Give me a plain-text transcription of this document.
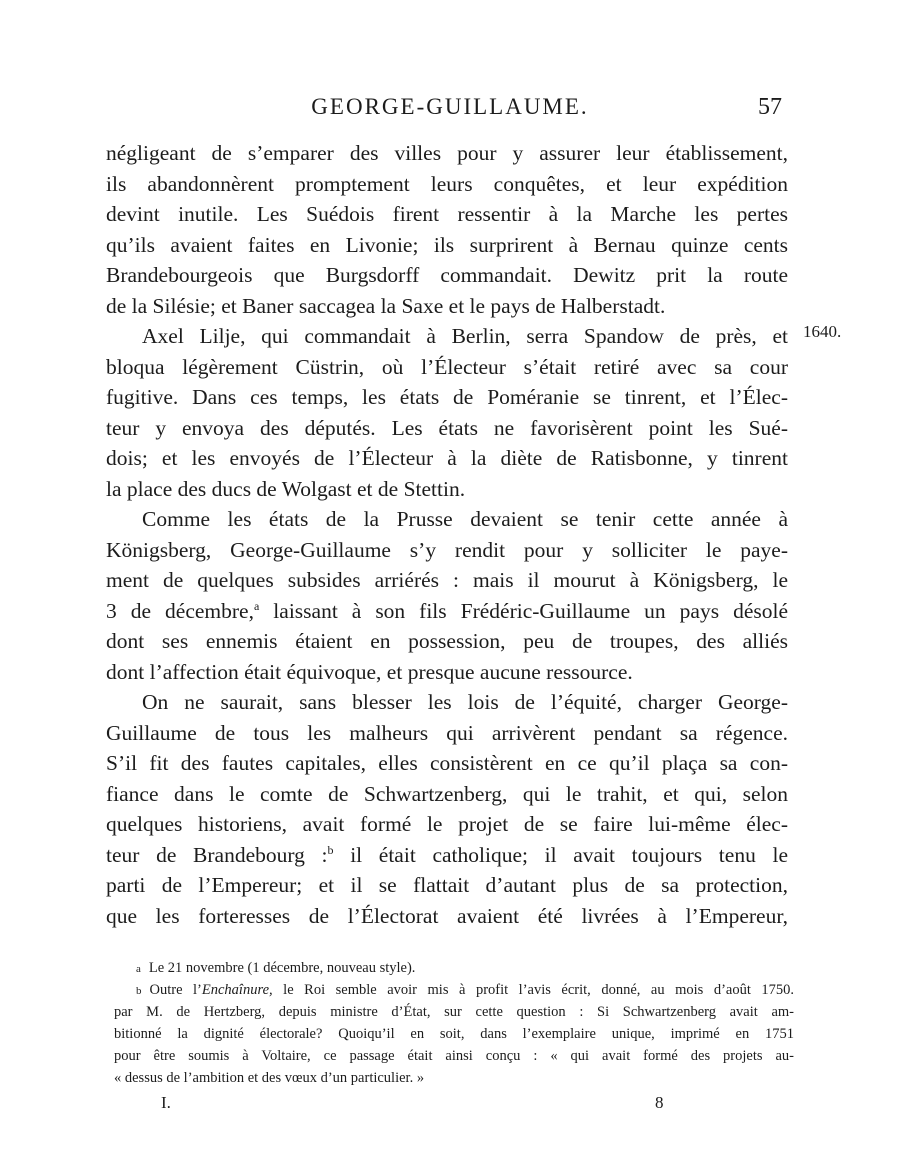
GEORGE-GUILLAUME.	57
négligeant de s’emparer des villes pour y assurer leur établissement,
ils abandonnèrent promptement leurs conquêtes, et leur expédition
devint inutile. Les Suédois firent ressentir à la Marche les pertes
qu’ils avaient faites en Livonie; ils surprirent à Bernau quinze cents
Brandebourgeois que Burgsdorff commandait. Dewitz prit la route
de la Silésie; et Baner saccagea la Saxe et le pays de Halberstadt.
Axel Lilje, qui commandait à Berlin, serra Spandow de près, et
bloqua légèrement Cüstrin, où l’Électeur s’était retiré avec sa cour
fugitive. Dans ces temps, les états de Poméranie se tinrent, et l’Élec-
teur y envoya des députés. Les états ne favorisèrent point les Sué-
dois; et les envoyés de l’Électeur à la diète de Ratisbonne, y tinrent
la place des ducs de Wolgast et de Stettin.
Comme les états de la Prusse devaient se tenir cette année à
Königsberg, George-Guillaume s’y rendit pour y solliciter le paye-
ment de quelques subsides arriérés : mais il mourut à Königsberg, le
3 de décembre,$^a$ laissant à son fils Frédéric-Guillaume un pays désolé
dont ses ennemis étaient en possession, peu de troupes, des alliés
dont l’affection était équivoque, et presque aucune ressource.
On ne saurait, sans blesser les lois de l’équité, charger George-
Guillaume de tous les malheurs qui arrivèrent pendant sa régence.
S’il fit des fautes capitales, elles consistèrent en ce qu’il plaça sa con-
fiance dans le comte de Schwartzenberg, qui le trahit, et qui, selon
quelques historiens, avait formé le projet de se faire lui-même élec-
teur de Brandebourg :$^b$ il était catholique; il avait toujours tenu le
parti de l’Empereur; et il se flattait d’autant plus de sa protection,
que les forteresses de l’Électorat avaient été livrées à l’Empereur,
1640.
a Le 21 novembre (1 décembre, nouveau style).
b Outre l’Enchaînure, le Roi semble avoir mis à profit l’avis écrit, donné, au mois d’août 1750.
par M. de Hertzberg, depuis ministre d’État, sur cette question : Si Schwartzenberg avait am-
bitionné la dignité électorale? Quoiqu’il en soit, dans l’exemplaire unique, imprimé en 1751
pour être soumis à Voltaire, ce passage était ainsi conçu : « qui avait formé des projets au-
« dessus de l’ambition et des vœux d’un particulier. »
I.	8
